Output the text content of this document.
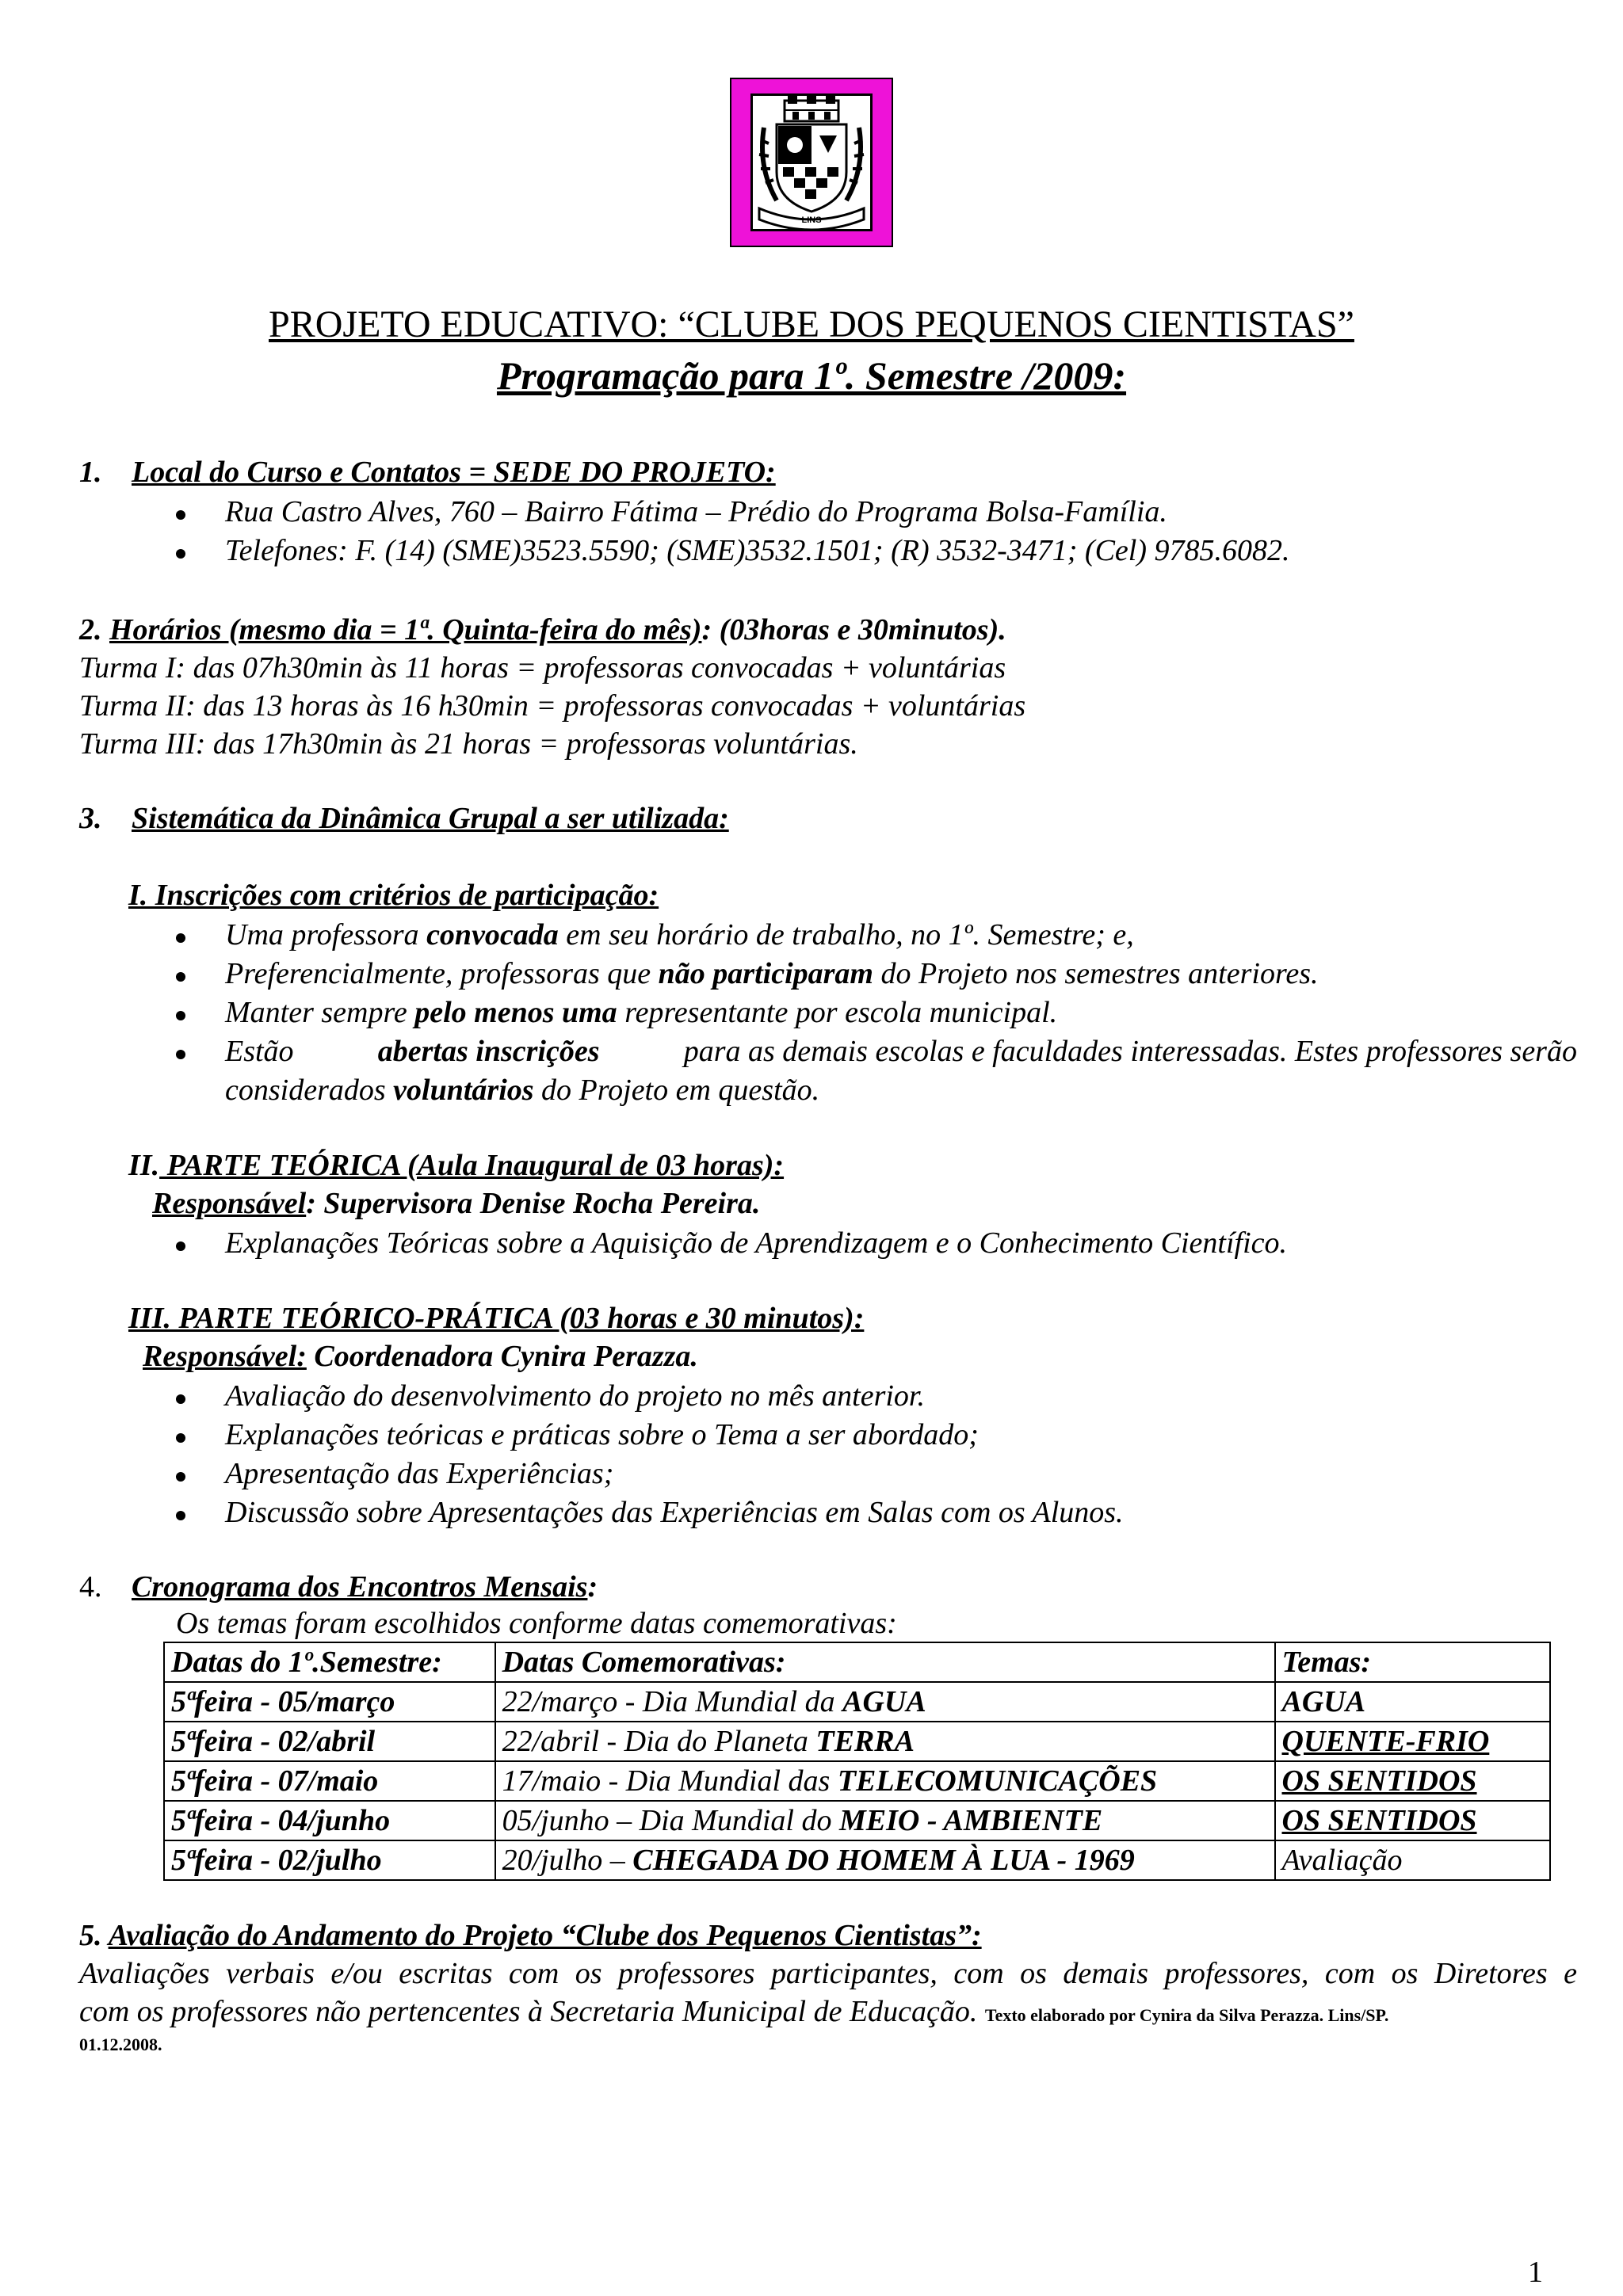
LINS
PROJETO EDUCATIVO: “CLUBE DOS PEQUENOS CIENTISTAS”
Programação para 1º. Semestre /2009:
1. Local do Curso e Contatos = SEDE DO PROJETO:
Rua Castro Alves, 760 – Bairro Fátima – Prédio do Programa Bolsa-Família.
Telefones: F. (14) (SME)3523.5590; (SME)3532.1501; (R) 3532-3471; (Cel) 9785.6082.
2. Horários (mesmo dia = 1ª. Quinta-feira do mês): (03horas e 30minutos).
Turma I: das 07h30min às 11 horas = professoras convocadas + voluntárias
Turma II: das 13 horas às 16 h30min = professoras convocadas + voluntárias
Turma III: das 17h30min às 21 horas = professoras voluntárias.
3. Sistemática da Dinâmica Grupal a ser utilizada:
I. Inscrições com critérios de participação:
Uma professora convocada em seu horário de trabalho, no 1º. Semestre; e,
Preferencialmente, professoras que não participaram do Projeto nos semestres anteriores.
Manter sempre pelo menos uma representante por escola municipal.
Estão	abertas inscrições	para as demais escolas e faculdades interessadas. Estes professores serão
considerados voluntários do Projeto em questão.
II. PARTE TEÓRICA (Aula Inaugural de 03 horas):
Responsável: Supervisora Denise Rocha Pereira.
Explanações Teóricas sobre a Aquisição de Aprendizagem e o Conhecimento Científico.
III. PARTE TEÓRICO-PRÁTICA (03 horas e 30 minutos):
Responsável: Coordenadora Cynira Perazza.
Avaliação do desenvolvimento do projeto no mês anterior.
Explanações teóricas e práticas sobre o Tema a ser abordado;
Apresentação das Experiências;
Discussão sobre Apresentações das Experiências em Salas com os Alunos.
4. Cronograma dos Encontros Mensais:
Os temas foram escolhidos conforme datas comemorativas:
Datas do 1º.Semestre:	Datas Comemorativas:	Temas:
5ªfeira - 05/março	22/março - Dia Mundial da AGUA	AGUA
5ªfeira - 02/abril	22/abril - Dia do Planeta TERRA	QUENTE-FRIO
5ªfeira - 07/maio	17/maio - Dia Mundial das TELECOMUNICAÇÕES	OS SENTIDOS
5ªfeira - 04/junho	05/junho – Dia Mundial do MEIO - AMBIENTE	OS SENTIDOS
5ªfeira - 02/julho	20/julho – CHEGADA DO HOMEM À LUA - 1969	Avaliação
5. Avaliação do Andamento do Projeto “Clube dos Pequenos Cientistas”:
Avaliações verbais e/ou escritas com os professores participantes, com os demais professores, com os Diretores e
com os professores não pertencentes à Secretaria Municipal de Educação. Texto elaborado por Cynira da Silva Perazza. Lins/SP.
01.12.2008.
1
